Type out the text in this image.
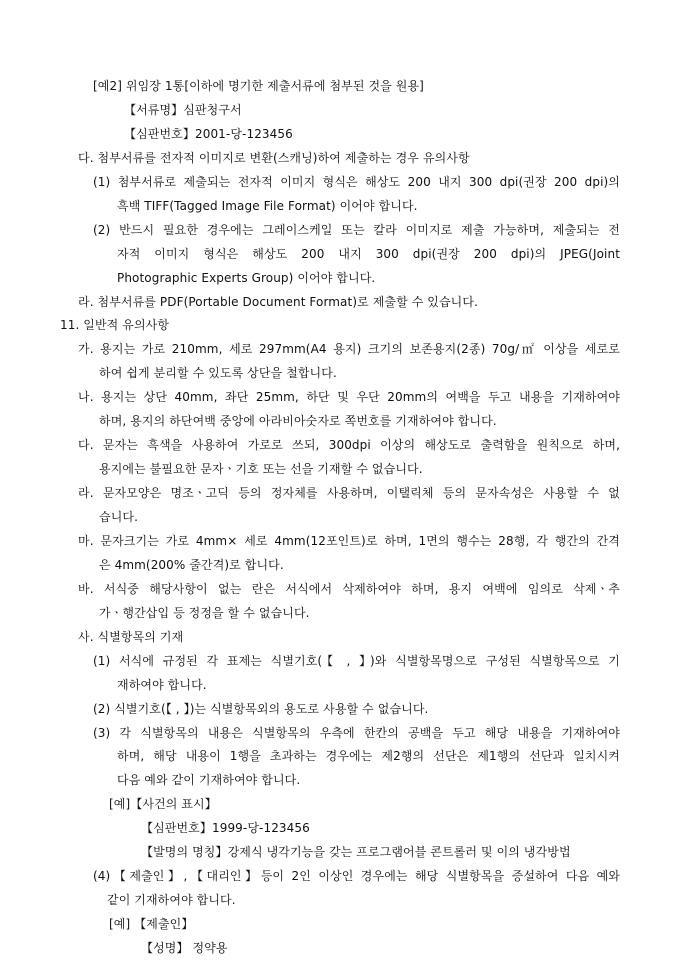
[예2] 위임장 1통[이하에 명기한 제출서류에 첨부된 것을 원용]
【서류명】심판청구서
【심판번호】2001-당-123456
다. 첨부서류를 전자적 이미지로 변환(스캐닝)하여 제출하는 경우 유의사항
(1) 첨부서류로 제출되는 전자적 이미지 형식은 해상도 200 내지 300 dpi(권장 200 dpi)의
흑백 TIFF(Tagged Image File Format) 이어야 합니다.
(2) 반드시 필요한 경우에는 그레이스케일 또는 칼라 이미지로 제출 가능하며, 제출되는 전
자적 이미지 형식은 해상도 200 내지 300 dpi(권장 200 dpi)의 JPEG(Joint
Photographic Experts Group) 이어야 합니다.
라. 첨부서류를 PDF(Portable Document Format)로 제출할 수 있습니다.
11. 일반적 유의사항
가. 용지는 가로 210mm, 세로 297mm(A4 용지) 크기의 보존용지(2종) 70g/㎡ 이상을 세로로
하여 쉽게 분리할 수 있도록 상단을 철합니다.
나. 용지는 상단 40mm, 좌단 25mm, 하단 및 우단 20mm의 여백을 두고 내용을 기재하여야
하며, 용지의 하단여백 중앙에 아라비아숫자로 쪽번호를 기재하여야 합니다.
다. 문자는 흑색을 사용하여 가로로 쓰되, 300dpi 이상의 해상도로 출력함을 원칙으로 하며,
용지에는 불필요한 문자ㆍ기호 또는 선을 기재할 수 없습니다.
라. 문자모양은 명조ㆍ고딕 등의 정자체를 사용하며, 이탤릭체 등의 문자속성은 사용할 수 없
습니다.
마. 문자크기는 가로 4mm× 세로 4mm(12포인트)로 하며, 1면의 행수는 28행, 각 행간의 간격
은 4mm(200% 줄간격)로 합니다.
바. 서식중 해당사항이 없는 란은 서식에서 삭제하여야 하며, 용지 여백에 임의로 삭제ㆍ추
가ㆍ행간삽입 등 정정을 할 수 없습니다.
사. 식별항목의 기재
(1) 서식에 규정된 각 표제는 식별기호(【 , 】)와 식별항목명으로 구성된 식별항목으로 기
재하여야 합니다.
(2) 식별기호(【 , 】)는 식별항목외의 용도로 사용할 수 없습니다.
(3) 각 식별항목의 내용은 식별항목의 우측에 한칸의 공백을 두고 해당 내용을 기재하여야
하며, 해당 내용이 1행을 초과하는 경우에는 제2행의 선단은 제1행의 선단과 일치시켜
다음 예와 같이 기재하여야 합니다.
[예]【사건의 표시】
【심판번호】1999-당-123456
【발명의 명칭】강제식 냉각기능을 갖는 프로그램어블 콘트롤러 및 이의 냉각방법
(4)【제출인】,【대리인】등이 2인 이상인 경우에는 해당 식별항목을 증설하여 다음 예와
같이 기재하여야 합니다.
[예] 【제출인】
【성명】 정약용
